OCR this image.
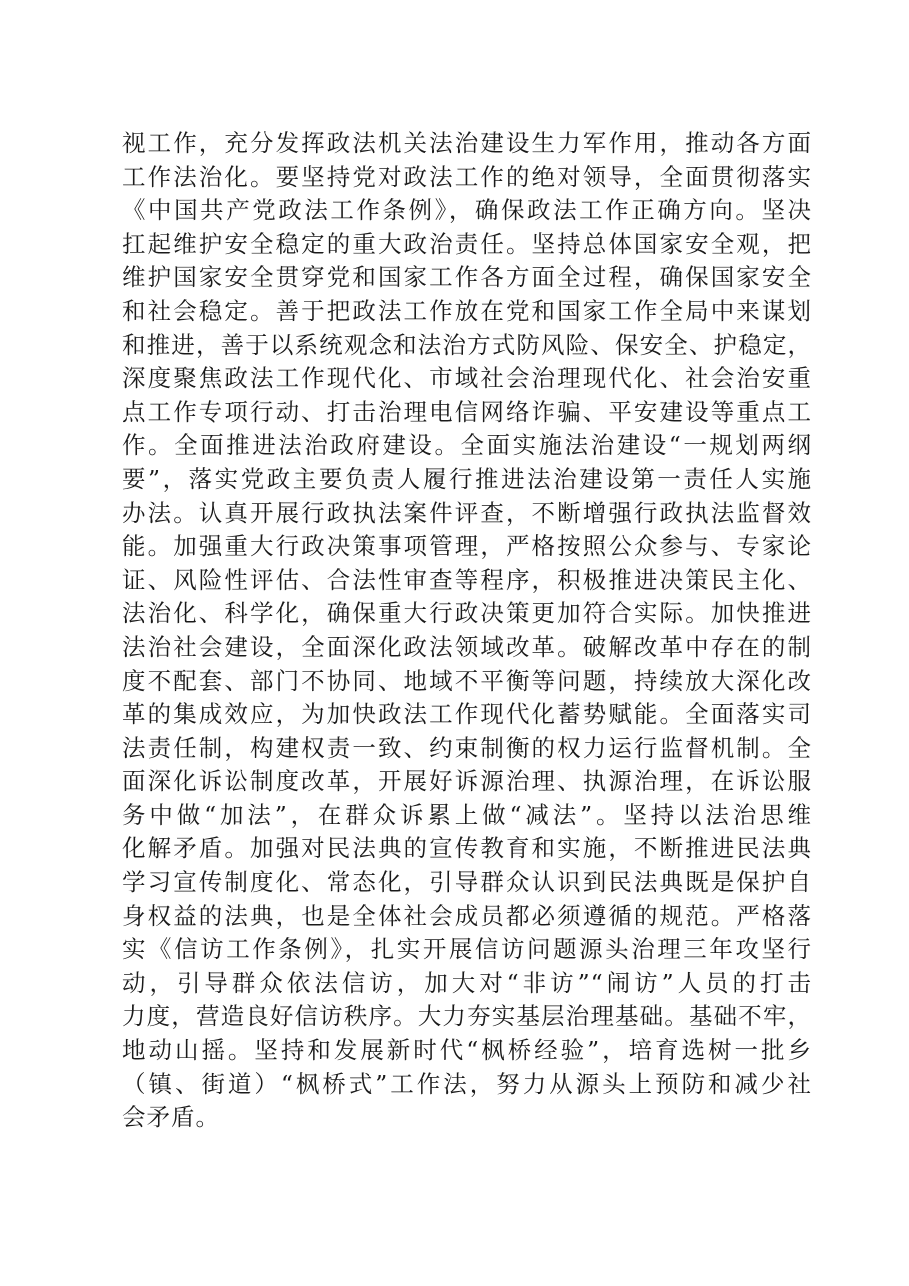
视工作，充分发挥政法机关法治建设生力军作用，推动各方面
工作法治化。要坚持党对政法工作的绝对领导，全面贯彻落实
《中国共产党政法工作条例》，确保政法工作正确方向。坚决
扛起维护安全稳定的重大政治责任。坚持总体国家安全观，把
维护国家安全贯穿党和国家工作各方面全过程，确保国家安全
和社会稳定。善于把政法工作放在党和国家工作全局中来谋划
和推进，善于以系统观念和法治方式防风险、保安全、护稳定，
深度聚焦政法工作现代化、市域社会治理现代化、社会治安重
点工作专项行动、打击治理电信网络诈骗、平安建设等重点工
作。全面推进法治政府建设。全面实施法治建设“一规划两纲
要”，落实党政主要负责人履行推进法治建设第一责任人实施
办法。认真开展行政执法案件评查，不断增强行政执法监督效
能。加强重大行政决策事项管理，严格按照公众参与、专家论
证、风险性评估、合法性审查等程序，积极推进决策民主化、
法治化、科学化，确保重大行政决策更加符合实际。加快推进
法治社会建设，全面深化政法领域改革。破解改革中存在的制
度不配套、部门不协同、地域不平衡等问题，持续放大深化改
革的集成效应，为加快政法工作现代化蓄势赋能。全面落实司
法责任制，构建权责一致、约束制衡的权力运行监督机制。全
面深化诉讼制度改革，开展好诉源治理、执源治理，在诉讼服
务中做“加法”，在群众诉累上做“减法”。坚持以法治思维
化解矛盾。加强对民法典的宣传教育和实施，不断推进民法典
学习宣传制度化、常态化，引导群众认识到民法典既是保护自
身权益的法典，也是全体社会成员都必须遵循的规范。严格落
实《信访工作条例》，扎实开展信访问题源头治理三年攻坚行
动，引导群众依法信访，加大对“非访”“闹访”人员的打击
力度，营造良好信访秩序。大力夯实基层治理基础。基础不牢，
地动山摇。坚持和发展新时代“枫桥经验”，培育选树一批乡
（镇、街道）“枫桥式”工作法，努力从源头上预防和减少社
会矛盾。
